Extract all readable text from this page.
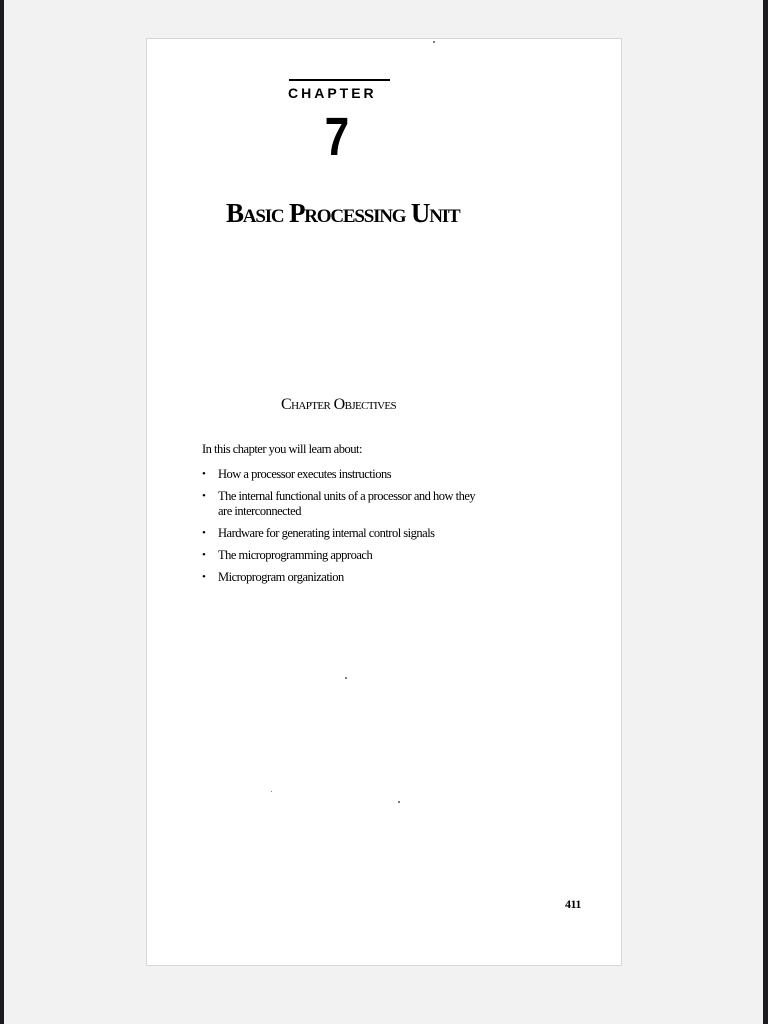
CHAPTER
7
Basic Processing Unit
Chapter Objectives
In this chapter you will learn about:
• How a processor executes instructions
• The internal functional units of a processor and how they are interconnected
• Hardware for generating internal control signals
• The microprogramming approach
• Microprogram organization
411
